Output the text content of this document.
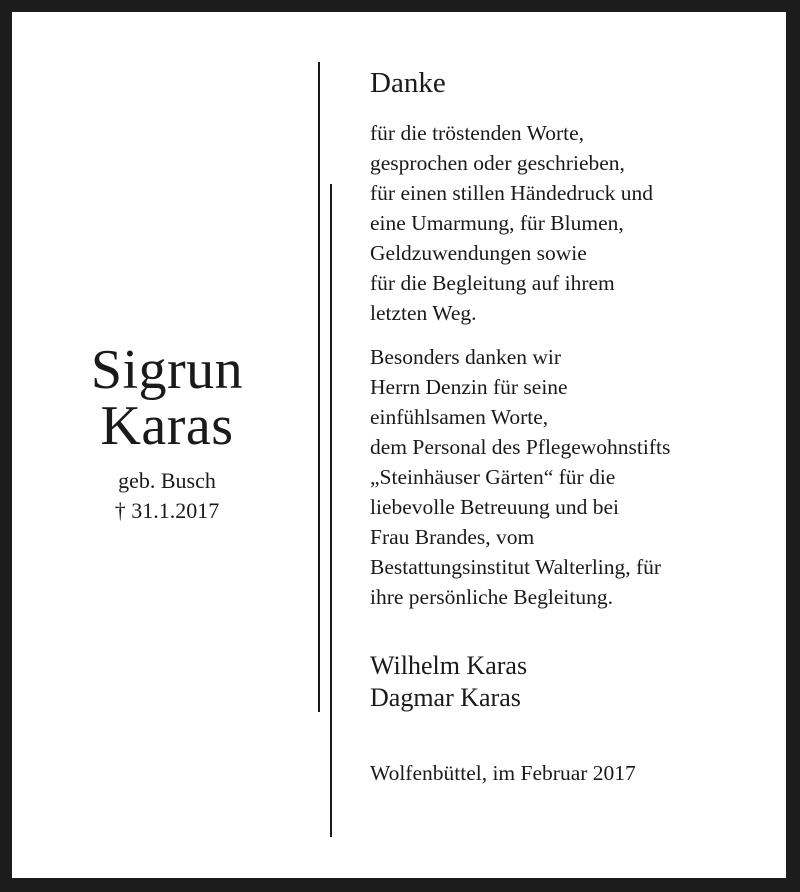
Sigrun
Karas
geb. Busch
† 31.1.2017
Danke
für die tröstenden Worte,
gesprochen oder geschrieben,
für einen stillen Händedruck und
eine Umarmung, für Blumen,
Geldzuwendungen sowie
für die Begleitung auf ihrem
letzten Weg.
Besonders danken wir
Herrn Denzin für seine
einfühlsamen Worte,
dem Personal des Pflegewohnstifts
„Steinhäuser Gärten“ für die
liebevolle Betreuung und bei
Frau Brandes, vom
Bestattungsinstitut Walterling, für
ihre persönliche Begleitung.
Wilhelm Karas
Dagmar Karas
Wolfenbüttel, im Februar 2017
